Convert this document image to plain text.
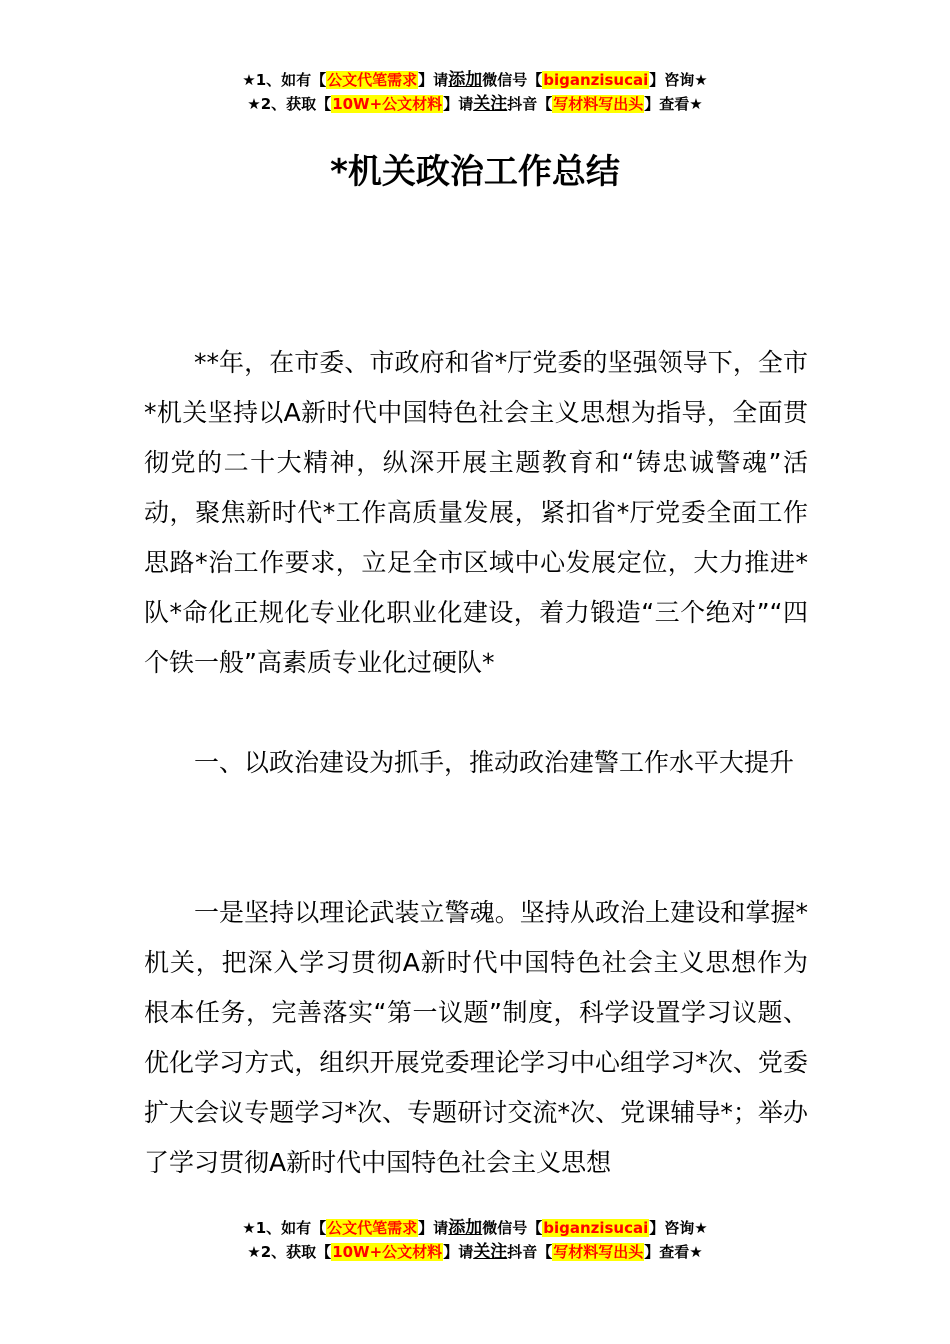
★1、如有【公文代笔需求】请添加微信号【biganzisucai】咨询★
★2、获取【10W+公文材料】请关注抖音【写材料写出头】查看★
*机关政治工作总结

**年，在市委、市政府和省*厅党委的坚强领导下，全市*机关坚持以A新时代中国特色社会主义思想为指导，全面贯彻党的二十大精神，纵深开展主题教育和“铸忠诚警魂”活动，聚焦新时代*工作高质量发展，紧扣省*厅党委全面工作思路*治工作要求，立足全市区域中心发展定位，大力推进*队*命化正规化专业化职业化建设，着力锻造“三个绝对”“四个铁一般”高素质专业化过硬队*

一、以政治建设为抓手，推动政治建警工作水平大提升

一是坚持以理论武装立警魂。坚持从政治上建设和掌握*机关，把深入学习贯彻A新时代中国特色社会主义思想作为根本任务，完善落实“第一议题”制度，科学设置学习议题、优化学习方式，组织开展党委理论学习中心组学习*次、党委扩大会议专题学习*次、专题研讨交流*次、党课辅导*；举办了学习贯彻A新时代中国特色社会主义思想

★1、如有【公文代笔需求】请添加微信号【biganzisucai】咨询★
★2、获取【10W+公文材料】请关注抖音【写材料写出头】查看★
